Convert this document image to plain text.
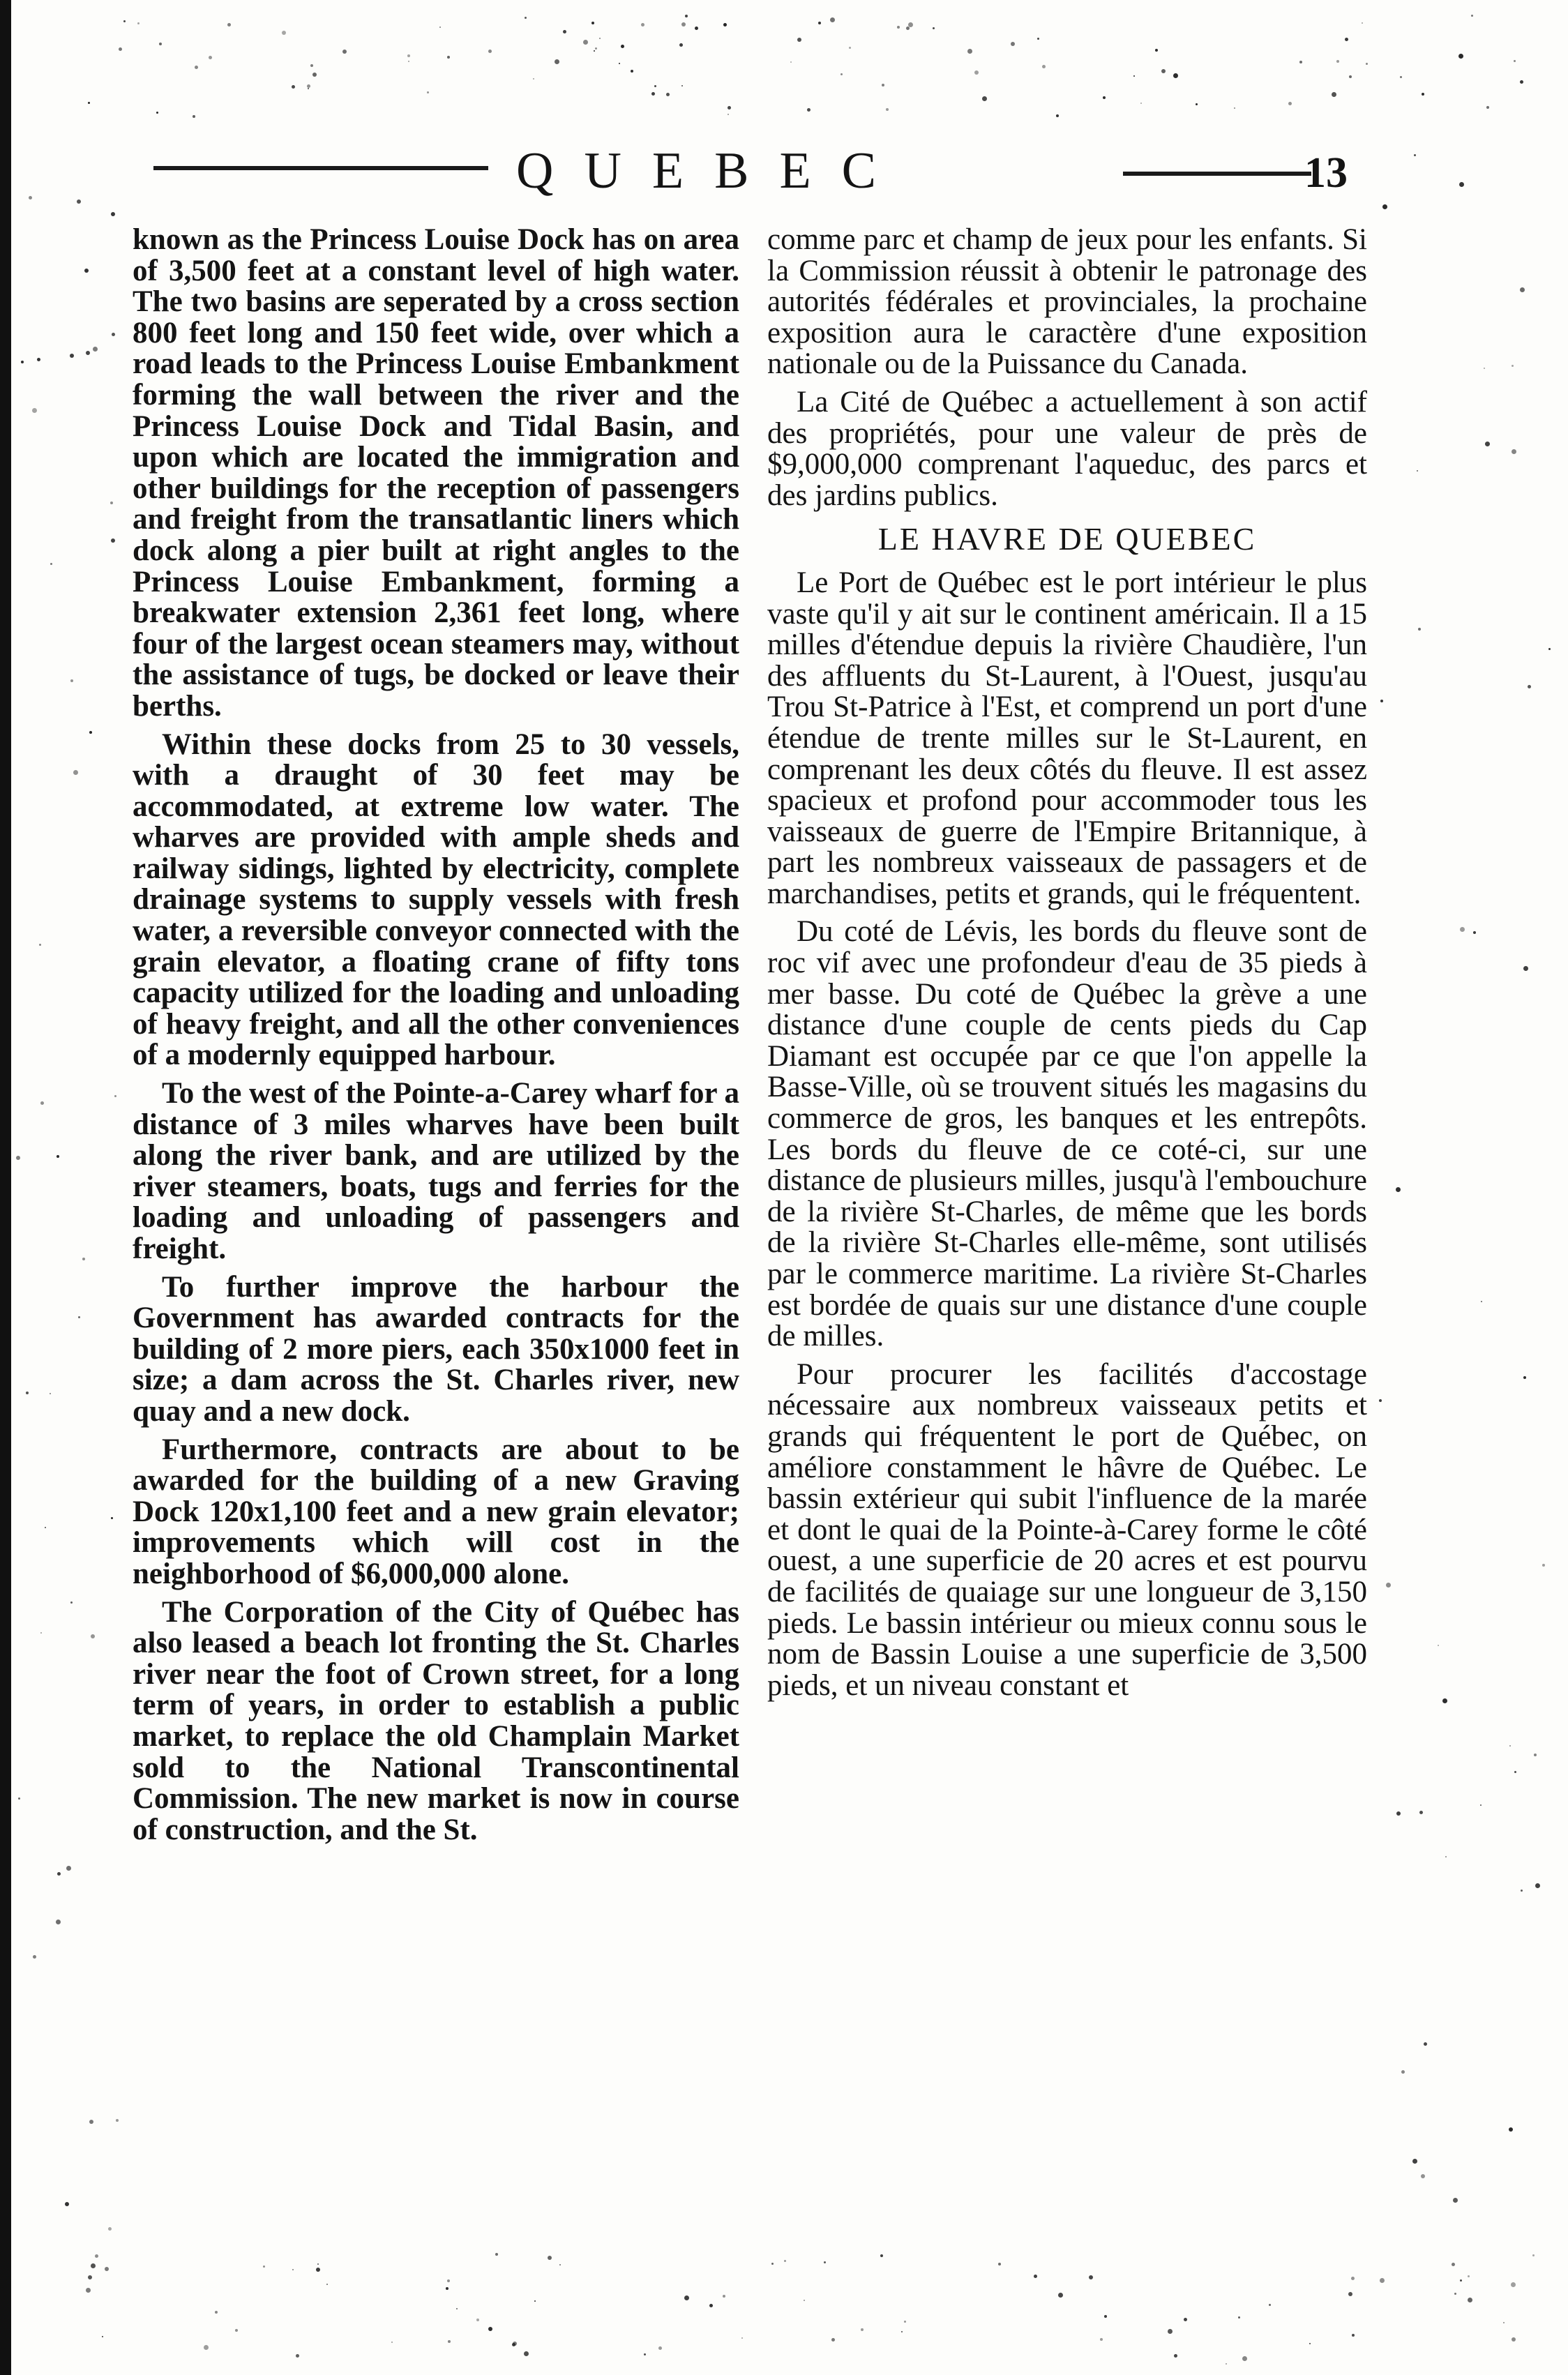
QUEBEC	13

known as the Princess Louise Dock has on area of 3,500 feet at a constant level of high water. The two basins are seperated by a cross section 800 feet long and 150 feet wide, over which a road leads to the Princess Louise Embankment forming the wall between the river and the Princess Louise Dock and Tidal Basin, and upon which are located the immigration and other buildings for the reception of passengers and freight from the transatlantic liners which dock along a pier built at right angles to the Princess Louise Embankment, forming a breakwater extension 2,361 feet long, where four of the largest ocean steamers may, without the assistance of tugs, be docked or leave their berths.

Within these docks from 25 to 30 vessels, with a draught of 30 feet may be accommodated, at extreme low water. The wharves are provided with ample sheds and railway sidings, lighted by electricity, complete drainage systems to supply vessels with fresh water, a reversible conveyor connected with the grain elevator, a floating crane of fifty tons capacity utilized for the loading and unloading of heavy freight, and all the other conveniences of a modernly equipped harbour.

To the west of the Pointe-a-Carey wharf for a distance of 3 miles wharves have been built along the river bank, and are utilized by the river steamers, boats, tugs and ferries for the loading and unloading of passengers and freight.

To further improve the harbour the Government has awarded contracts for the building of 2 more piers, each 350x1000 feet in size; a dam across the St. Charles river, new quay and a new dock.

Furthermore, contracts are about to be awarded for the building of a new Graving Dock 120x1,100 feet and a new grain elevator; improvements which will cost in the neighborhood of $6,000,000 alone.

The Corporation of the City of Québec has also leased a beach lot fronting the St. Charles river near the foot of Crown street, for a long term of years, in order to establish a public market, to replace the old Champlain Market sold to the National Transcontinental Commission. The new market is now in course of construction, and the St.

comme parc et champ de jeux pour les enfants. Si la Commission réussit à obtenir le patronage des autorités fédérales et provinciales, la prochaine exposition aura le caractère d'une exposition nationale ou de la Puissance du Canada.

La Cité de Québec a actuellement à son actif des propriétés, pour une valeur de près de $9,000,000 comprenant l'aqueduc, des parcs et des jardins publics.

LE HAVRE DE QUEBEC

Le Port de Québec est le port intérieur le plus vaste qu'il y ait sur le continent américain. Il a 15 milles d'étendue depuis la rivière Chaudière, l'un des affluents du St-Laurent, à l'Ouest, jusqu'au Trou St-Patrice à l'Est, et comprend un port d'une étendue de trente milles sur le St-Laurent, en comprenant les deux côtés du fleuve. Il est assez spacieux et profond pour accommoder tous les vaisseaux de guerre de l'Empire Britannique, à part les nombreux vaisseaux de passagers et de marchandises, petits et grands, qui le fréquentent.

Du coté de Lévis, les bords du fleuve sont de roc vif avec une profondeur d'eau de 35 pieds à mer basse. Du coté de Québec la grève a une distance d'une couple de cents pieds du Cap Diamant est occupée par ce que l'on appelle la Basse-Ville, où se trouvent situés les magasins du commerce de gros, les banques et les entrepôts. Les bords du fleuve de ce coté-ci, sur une distance de plusieurs milles, jusqu'à l'embouchure de la rivière St-Charles, de même que les bords de la rivière St-Charles elle-même, sont utilisés par le commerce maritime. La rivière St-Charles est bordée de quais sur une distance d'une couple de milles.

Pour procurer les facilités d'accostage nécessaire aux nombreux vaisseaux petits et grands qui fréquentent le port de Québec, on améliore constamment le hâvre de Québec. Le bassin extérieur qui subit l'influence de la marée et dont le quai de la Pointe-à-Carey forme le côté ouest, a une superficie de 20 acres et est pourvu de facilités de quaiage sur une longueur de 3,150 pieds. Le bassin intérieur ou mieux connu sous le nom de Bassin Louise a une superficie de 3,500 pieds, et un niveau constant et
